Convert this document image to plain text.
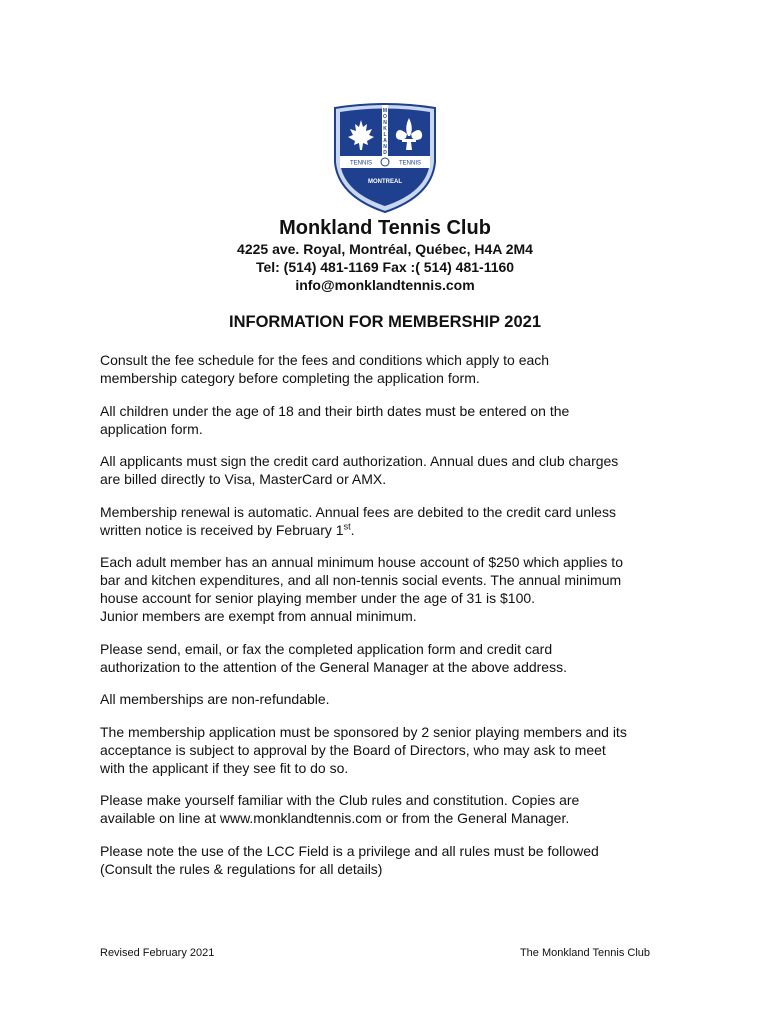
M
O
N
K
L
A
N
D
TENNIS	TENNIS
MONTREAL

Monkland Tennis Club

4225 ave. Royal, Montréal, Québec, H4A 2M4

Tel: (514) 481-1169 Fax :( 514) 481-1160

info@monklandtennis.com

INFORMATION FOR MEMBERSHIP 2021

Consult the fee schedule for the fees and conditions which apply to each
membership category before completing the application form.

All children under the age of 18 and their birth dates must be entered on the
application form.

All applicants must sign the credit card authorization. Annual dues and club charges
are billed directly to Visa, MasterCard or AMX.

Membership renewal is automatic. Annual fees are debited to the credit card unless
written notice is received by February 1st.

Each adult member has an annual minimum house account of $250 which applies to
bar and kitchen expenditures, and all non-tennis social events. The annual minimum
house account for senior playing member under the age of 31 is $100.
Junior members are exempt from annual minimum.

Please send, email, or fax the completed application form and credit card
authorization to the attention of the General Manager at the above address.

All memberships are non-refundable.

The membership application must be sponsored by 2 senior playing members and its
acceptance is subject to approval by the Board of Directors, who may ask to meet
with the applicant if they see fit to do so.

Please make yourself familiar with the Club rules and constitution. Copies are
available on line at www.monklandtennis.com or from the General Manager.

Please note the use of the LCC Field is a privilege and all rules must be followed
(Consult the rules & regulations for all details)

Revised February 2021	The Monkland Tennis Club
